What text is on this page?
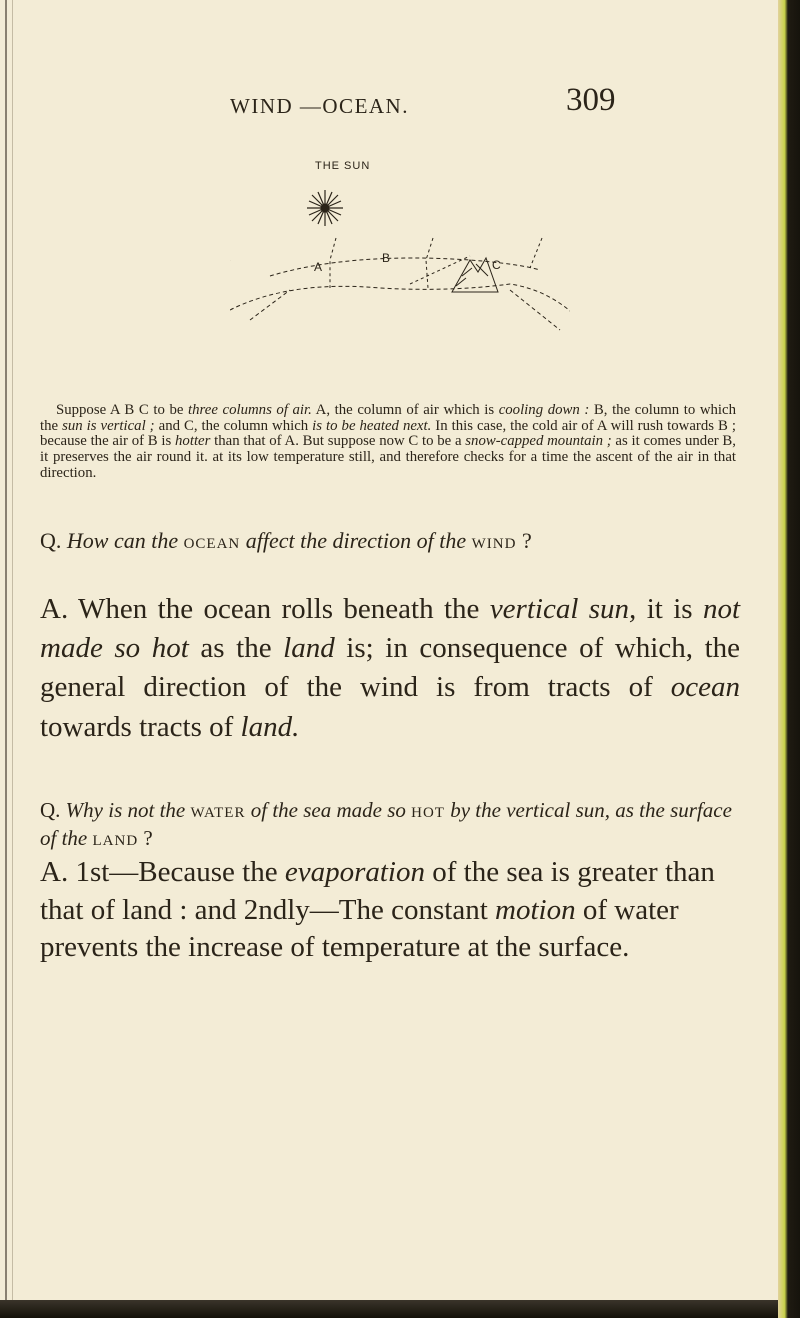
WIND —OCEAN.	309
THE SUN
A
B	C

Suppose A B C to be three columns of air. A, the column of air which is cooling down : B, the column to which the sun is vertical ; and C, the column which is to be heated next. In this case, the cold air of A will rush towards B ; because the air of B is hotter than that of A. But suppose now C to be a snow-capped mountain ; as it comes under B, it preserves the air round it. at its low temperature still, and therefore checks for a time the ascent of the air in that direction.

Q. How can the ocean affect the direction of the wind ?

A. When the ocean rolls beneath the vertical sun, it is not made so hot as the land is; in consequence of which, the general direction of the wind is from tracts of ocean towards tracts of land.

Q. Why is not the water of the sea made so hot by the vertical sun, as the surface of the land ?

A. 1st—Because the evaporation of the sea is greater than that of land : and 2ndly—The constant motion of water prevents the increase of temperature at the surface.
